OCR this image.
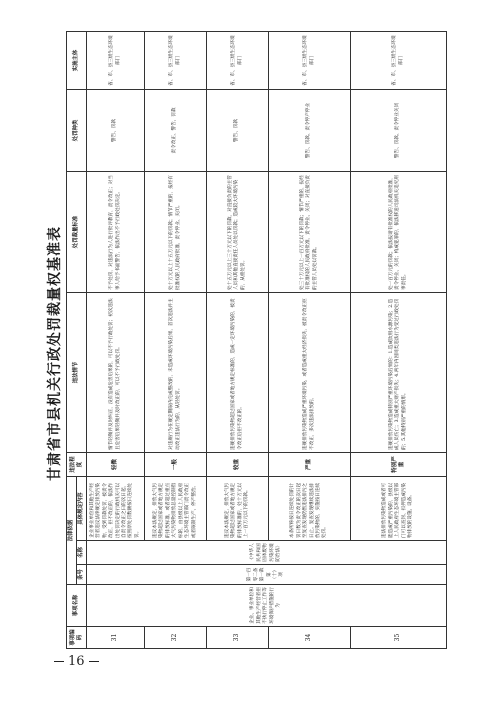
甘肃省市县机关行政处罚裁量权基准表
事项编码	事项名称	法律依据			违法程度	违法情节	处罚裁量标准	处罚种类	实施主体
		条号	名称	具体规定内容					
31	企业、事业单位和其他生产经营者拒不执行停止工作等环境保护措施的行为	第一百零二条 第一款 第（十）项	《中华人民共和国固体废物污染环境防治法》	企业事业单位和其他生产经营者违反法律规定排放污染物，受到罚款处罚，被责令改正，拒不改正的，依法作出处罚决定的行政机关可以自责令改正之日的次日起，按照原处罚数额按日连续处罚。	轻微	情节轻微并及时纠正，没有造成危害后果的，可以不予行政处罚；初次违法且危害后果轻微并及时改正的，可以不予行政处罚。	不予处罚，对违法行为人进行批评教育，责令改正；对当事人给予书面警告，依法作出不予行政处罚决定。	警告、罚款	省、市、县三级生态环境部门
32				违反本法规定，排放大气污染物超过国家或者地方规定的排放标准，或者超过重点大气污染物排放总量控制指标的，由县级以上人民政府生态环境主管部门责令改正或者限制生产、停产整治。	一般	对违规行为在规定期限内完成整改的，未造成环境污染后果，首次违法并主动改正违法行为的，从轻处罚。	处十万元以上十五万元以下的罚款；情节严重的，报经有批准权的人民政府批准，责令停业、关闭。	责令改正、警告、罚款	省、市、县三级生态环境部门
33				违反本法规定，排放大气污染物超过国家或者地方规定的排放标准的，处十万元以上一百万元以下的罚款。	较重	违规排放污染物超过国家或者地方规定标准的，造成一定环境污染的，被责令改正后拒不改正的。	处十五万元以上三十万元以下的罚款，对直接负责的主管人员和其他直接责任人员处以罚款；造成较大环境污染的，从重处罚。	警告、罚款	省、市、县三级生态环境部门
34				本条所称按日连续处罚的计罚日数为责令改正的次日起至复查发现仍然违法排污之日止。复查发现继续违法排放污染物的，实施按日连续处罚。	严重	违规排放污染物造成严重环境污染，或者造成重大经济损失，被责令改正拒不改正，多次违法排放的。	处三十万元以上一百万元以下的罚款；情节严重的，报经有批准权的人民政府批准，责令停业、关闭；对直接负责的主管人员处以罚款。	警告、罚款、责令停产停业	省、市、县三级生态环境部门
35				违法排放污染物造成或者可能造成严重污染的，县级以上人民政府生态环境主管部门可以查封、扣押造成污染物排放的设施、设备。	特别严重	违规排放污染物造成特别严重环境污染后果的：1.造成饮用水源污染；2.造成人员伤亡；3.造成重大财产损失；4.两年内因同类违法行为受过行政处罚的；5.其他特别严重的情形。	处一百万元的罚款；依法报请有批准权的人民政府批准，责令停业、关闭；构成犯罪的，依法移送司法机关追究刑事责任。	警告、罚款、责令停业关闭	省、市、县三级生态环境部门
16
